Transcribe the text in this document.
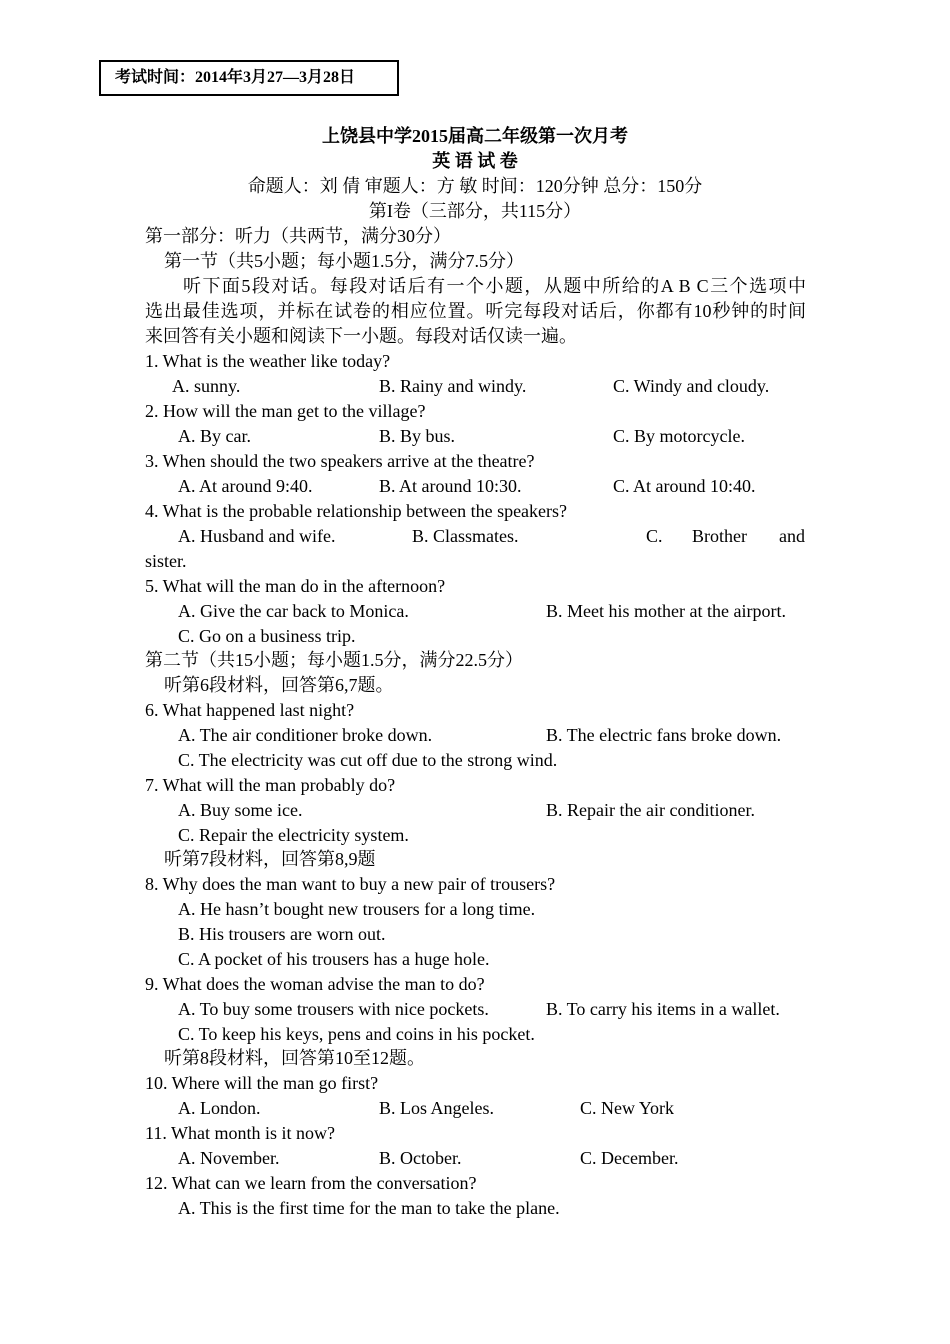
考试时间：2014年3月27—3月28日
上饶县中学2015届高二年级第一次月考
英 语 试 卷
命题人：刘 倩 审题人：方 敏 时间：120分钟 总分：150分
第I卷（三部分，共115分）
第一部分：听力（共两节，满分30分）
第一节（共5小题；每小题1.5分，满分7.5分）
听下面5段对话。每段对话后有一个小题，从题中所给的A B C三个选项中
选出最佳选项，并标在试卷的相应位置。听完每段对话后，你都有10秒钟的时间
来回答有关小题和阅读下一小题。每段对话仅读一遍。
1. What is the weather like today?
A. sunny.	B. Rainy and windy.	C. Windy and cloudy.
2. How will the man get to the village?
A. By car.	B. By bus.	C. By motorcycle.
3. When should the two speakers arrive at the theatre?
A. At around 9:40.	B. At around 10:30.	C. At around 10:40.
4. What is the probable relationship between the speakers?
A. Husband and wife.	B. Classmates.	C. Brother and
sister.
5. What will the man do in the afternoon?
A. Give the car back to Monica.	B. Meet his mother at the airport.
C. Go on a business trip.
第二节（共15小题；每小题1.5分，满分22.5分）
听第6段材料，回答第6,7题。
6. What happened last night?
A. The air conditioner broke down.	B. The electric fans broke down.
C. The electricity was cut off due to the strong wind.
7. What will the man probably do?
A. Buy some ice.	B. Repair the air conditioner.
C. Repair the electricity system.
听第7段材料，回答第8,9题
8. Why does the man want to buy a new pair of trousers?
A. He hasn’t bought new trousers for a long time.
B. His trousers are worn out.
C. A pocket of his trousers has a huge hole.
9. What does the woman advise the man to do?
A. To buy some trousers with nice pockets.	B. To carry his items in a wallet.
C. To keep his keys, pens and coins in his pocket.
听第8段材料，回答第10至12题。
10. Where will the man go first?
A. London.	B. Los Angeles.	C. New York
11. What month is it now?
A. November.	B. October.	C. December.
12. What can we learn from the conversation?
A. This is the first time for the man to take the plane.
